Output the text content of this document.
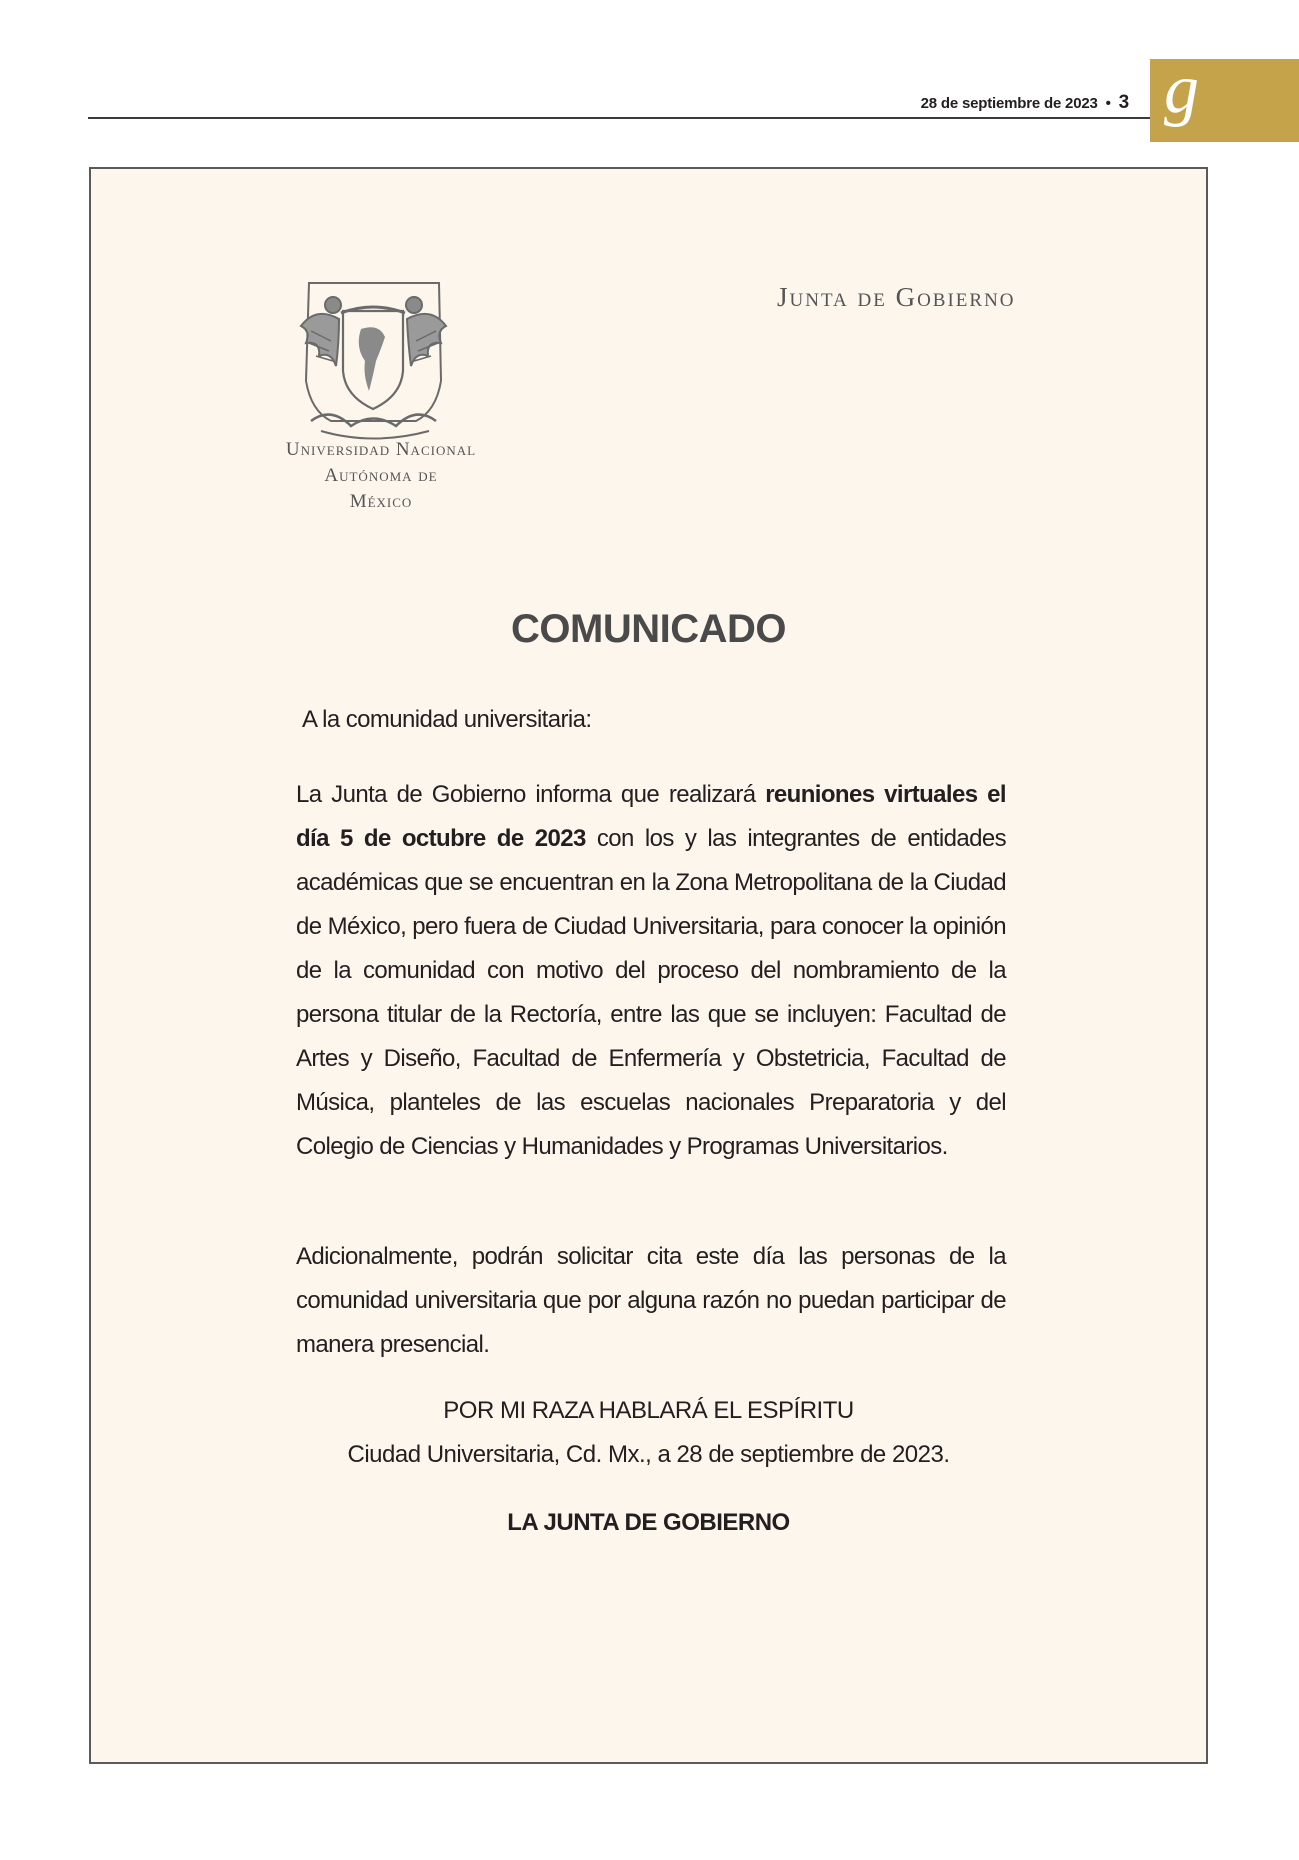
28 de septiembre de 2023 • 3 g
Universidad Nacional
Autónoma de
México
Junta de Gobierno
COMUNICADO
A la comunidad universitaria:
La Junta de Gobierno informa que realizará reuniones virtuales el día 5 de octubre de 2023 con los y las integrantes de entidades académicas que se encuentran en la Zona Metropolitana de la Ciudad de México, pero fuera de Ciudad Universitaria, para conocer la opinión de la comunidad con motivo del proceso del nombramiento de la persona titular de la Rectoría, entre las que se incluyen: Facultad de Artes y Diseño, Facultad de Enfermería y Obstetricia, Facultad de Música, planteles de las escuelas nacionales Preparatoria y del Colegio de Ciencias y Humanidades y Programas Universitarios.
Adicionalmente, podrán solicitar cita este día las personas de la comunidad universitaria que por alguna razón no puedan participar de manera presencial.
POR MI RAZA HABLARÁ EL ESPÍRITU
Ciudad Universitaria, Cd. Mx., a 28 de septiembre de 2023.
LA JUNTA DE GOBIERNO
